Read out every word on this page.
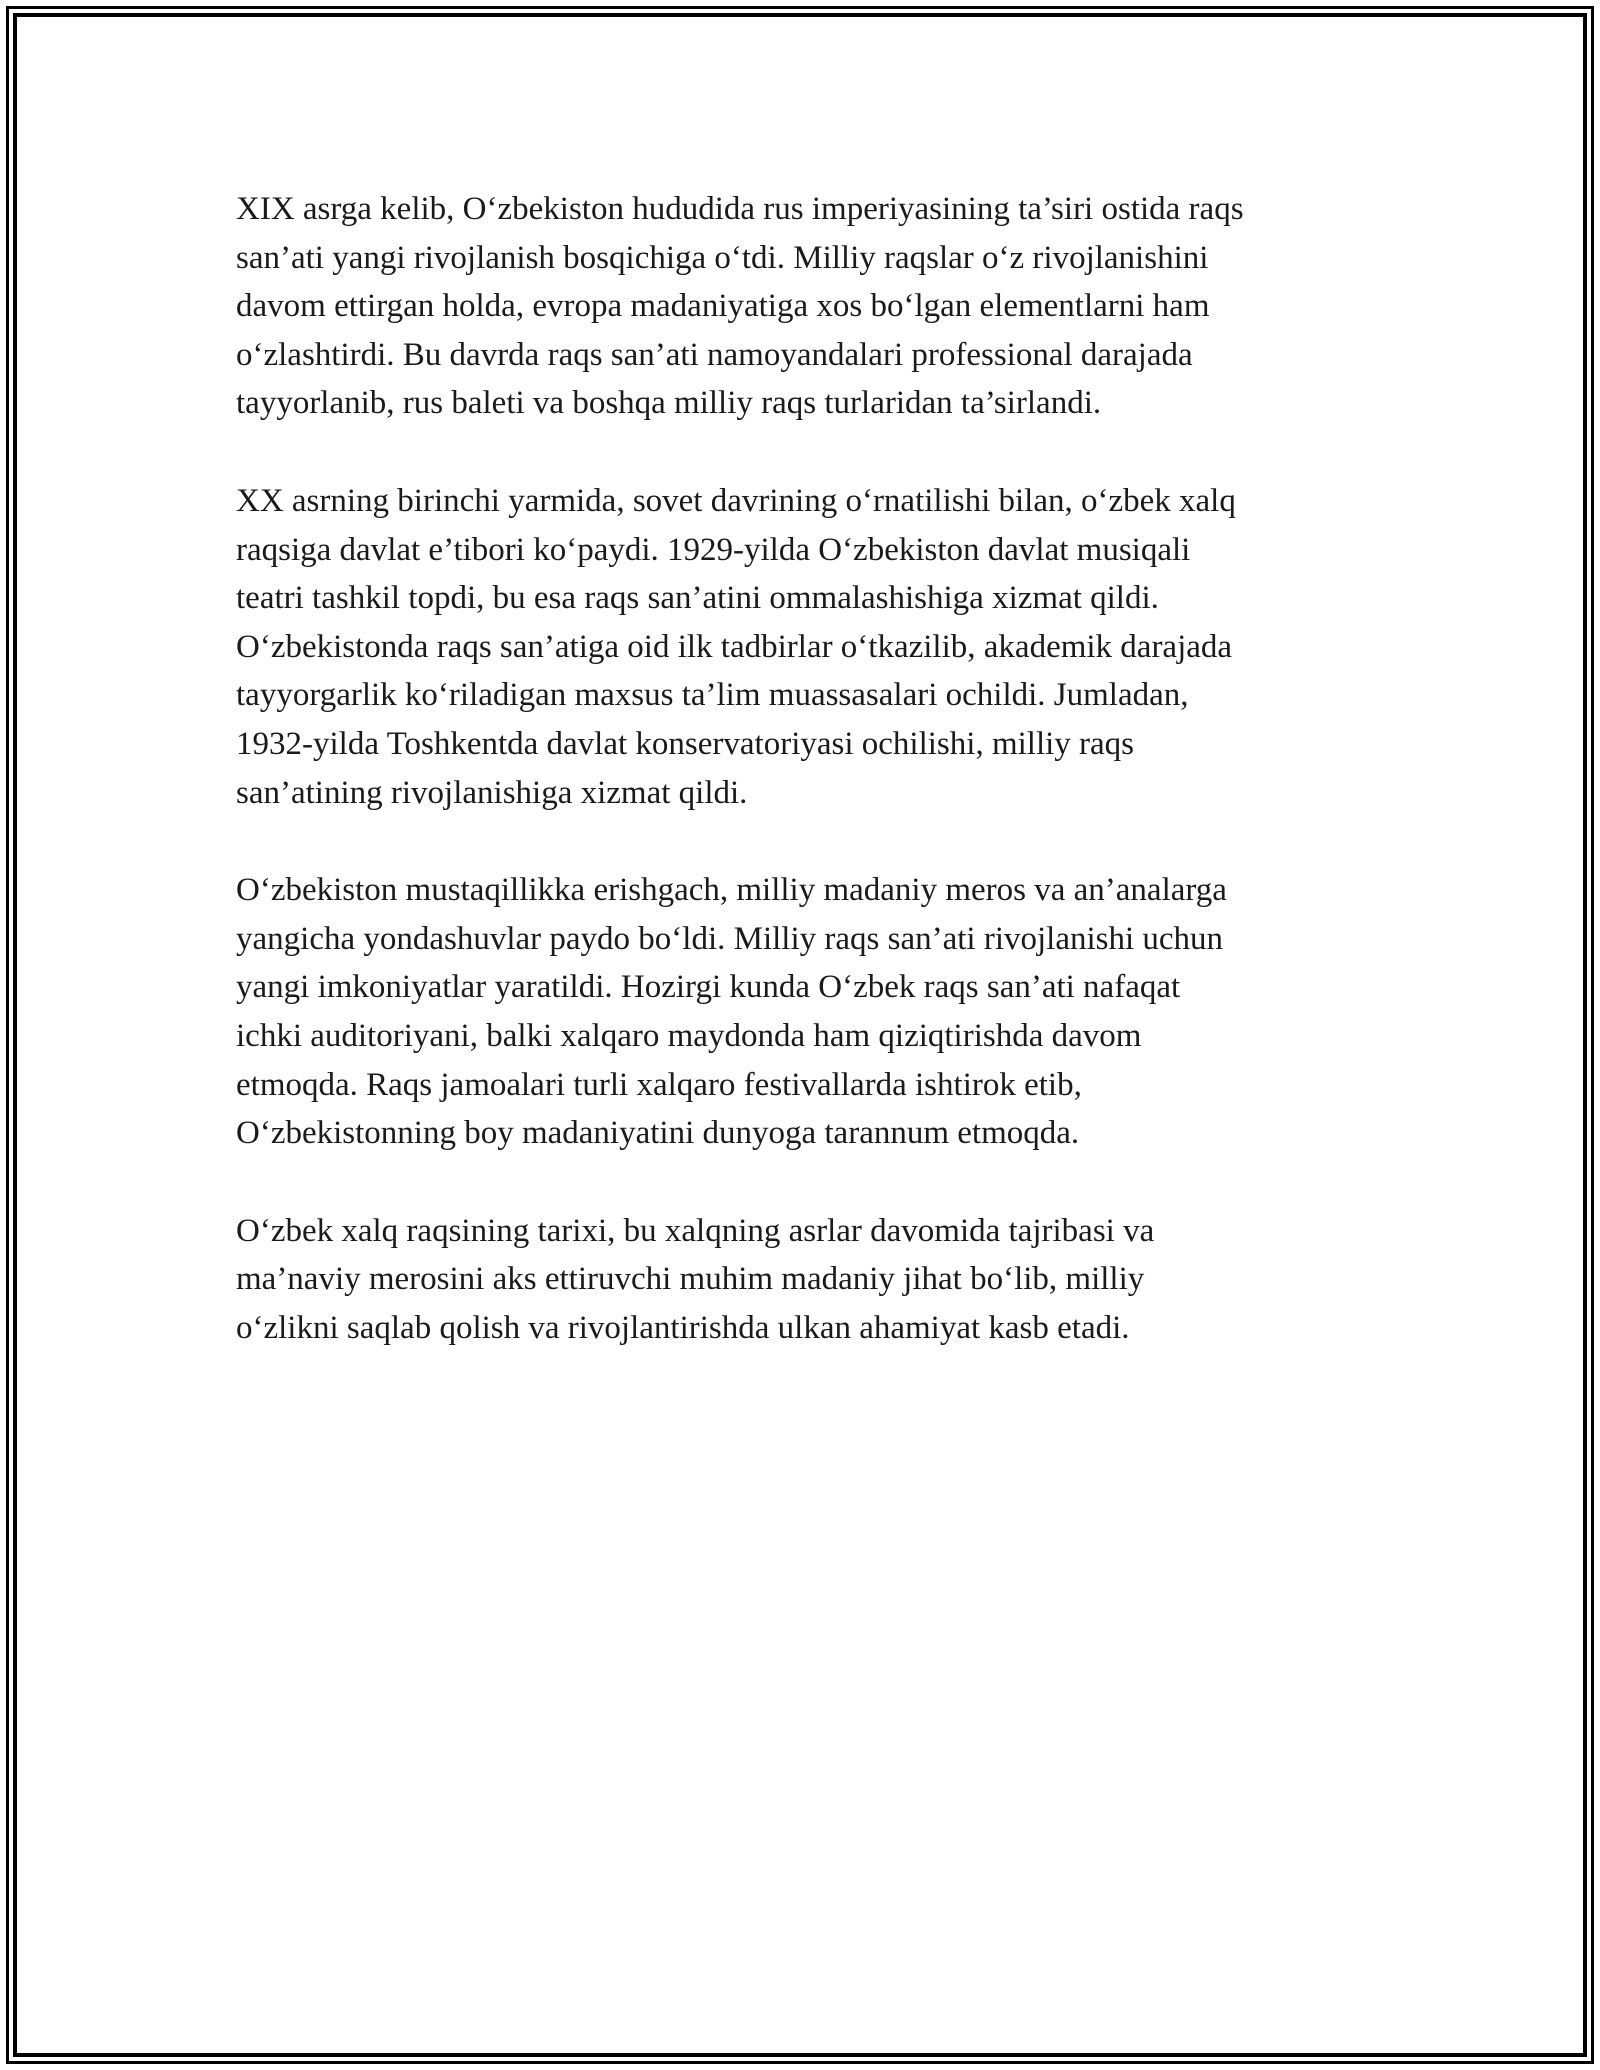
XIX asrga kelib, O‘zbekiston hududida rus imperiyasining ta’siri ostida raqs
san’ati yangi rivojlanish bosqichiga o‘tdi. Milliy raqslar o‘z rivojlanishini
davom ettirgan holda, evropa madaniyatiga xos bo‘lgan elementlarni ham
o‘zlashtirdi. Bu davrda raqs san’ati namoyandalari professional darajada
tayyorlanib, rus baleti va boshqa milliy raqs turlaridan ta’sirlandi.

XX asrning birinchi yarmida, sovet davrining o‘rnatilishi bilan, o‘zbek xalq
raqsiga davlat e’tibori ko‘paydi. 1929-yilda O‘zbekiston davlat musiqali
teatri tashkil topdi, bu esa raqs san’atini ommalashishiga xizmat qildi.
O‘zbekistonda raqs san’atiga oid ilk tadbirlar o‘tkazilib, akademik darajada
tayyorgarlik ko‘riladigan maxsus ta’lim muassasalari ochildi. Jumladan,
1932-yilda Toshkentda davlat konservatoriyasi ochilishi, milliy raqs
san’atining rivojlanishiga xizmat qildi.

O‘zbekiston mustaqillikka erishgach, milliy madaniy meros va an’analarga
yangicha yondashuvlar paydo bo‘ldi. Milliy raqs san’ati rivojlanishi uchun
yangi imkoniyatlar yaratildi. Hozirgi kunda O‘zbek raqs san’ati nafaqat
ichki auditoriyani, balki xalqaro maydonda ham qiziqtirishda davom
etmoqda. Raqs jamoalari turli xalqaro festivallarda ishtirok etib,
O‘zbekistonning boy madaniyatini dunyoga tarannum etmoqda.

O‘zbek xalq raqsining tarixi, bu xalqning asrlar davomida tajribasi va
ma’naviy merosini aks ettiruvchi muhim madaniy jihat bo‘lib, milliy
o‘zlikni saqlab qolish va rivojlantirishda ulkan ahamiyat kasb etadi.
